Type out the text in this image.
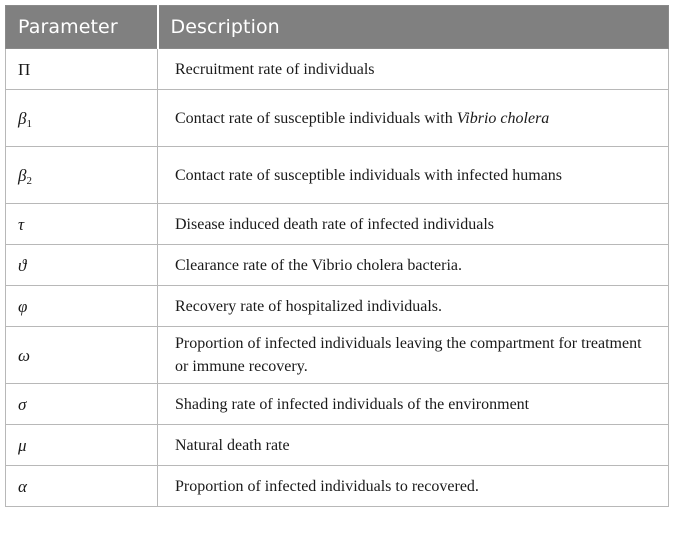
Parameter	Description
Π	Recruitment rate of individuals
$\beta_1$	Contact rate of susceptible individuals with Vibrio cholera
$\beta_2$	Contact rate of susceptible individuals with infected humans
τ	Disease induced death rate of infected individuals
ϑ	Clearance rate of the Vibrio cholera bacteria.
φ	Recovery rate of hospitalized individuals.
ω	Proportion of infected individuals leaving the compartment for treatment or immune recovery.
σ	Shading rate of infected individuals of the environment
μ	Natural death rate
α	Proportion of infected individuals to recovered.
